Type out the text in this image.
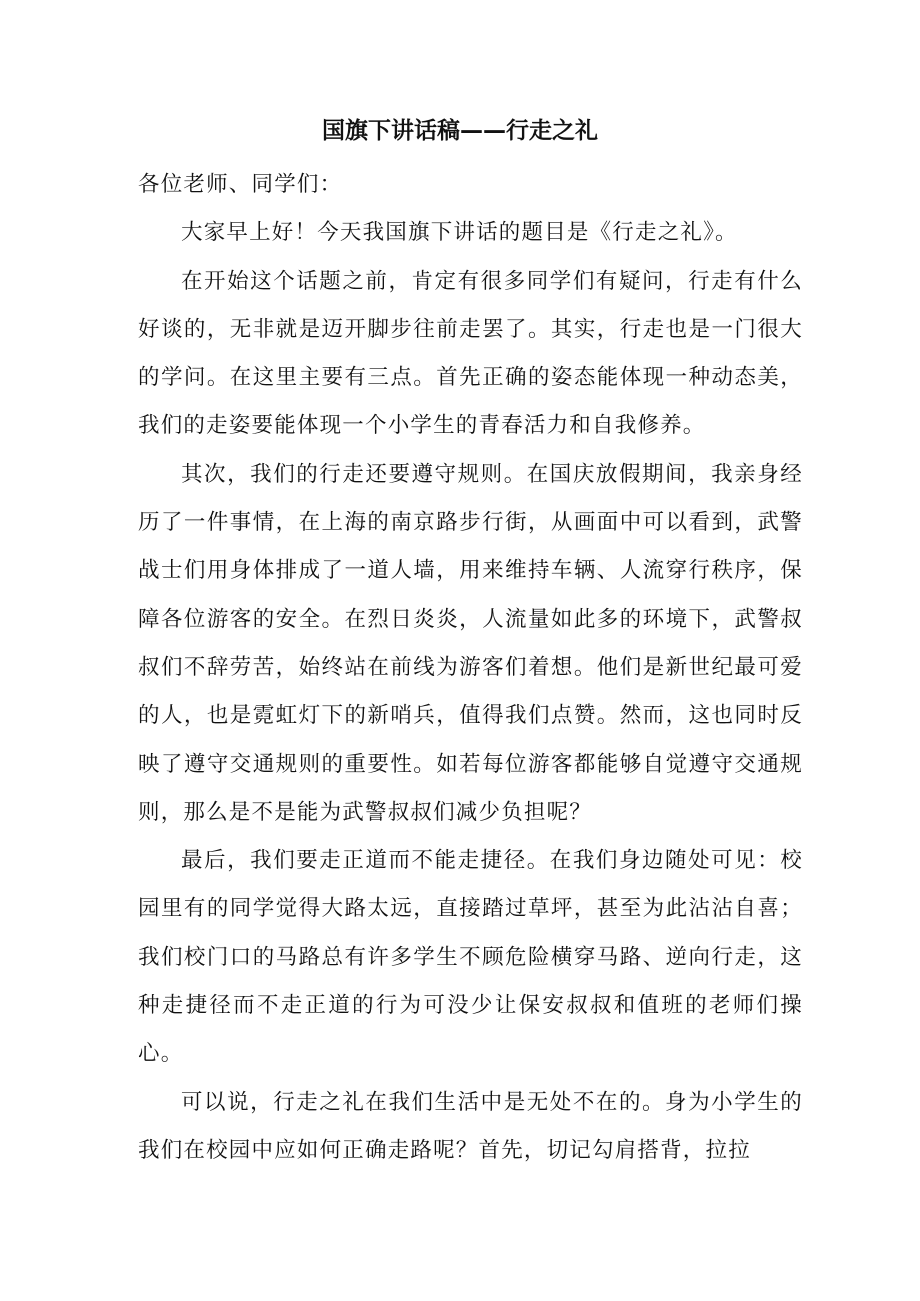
国旗下讲话稿——行走之礼

各位老师、同学们：

大家早上好！今天我国旗下讲话的题目是《行走之礼》。

在开始这个话题之前，肯定有很多同学们有疑问，行走有什么好谈的，无非就是迈开脚步往前走罢了。其实，行走也是一门很大的学问。在这里主要有三点。首先正确的姿态能体现一种动态美，我们的走姿要能体现一个小学生的青春活力和自我修养。

其次，我们的行走还要遵守规则。在国庆放假期间，我亲身经历了一件事情，在上海的南京路步行街，从画面中可以看到，武警战士们用身体排成了一道人墙，用来维持车辆、人流穿行秩序，保障各位游客的安全。在烈日炎炎，人流量如此多的环境下，武警叔叔们不辞劳苦，始终站在前线为游客们着想。他们是新世纪最可爱的人，也是霓虹灯下的新哨兵，值得我们点赞。然而，这也同时反映了遵守交通规则的重要性。如若每位游客都能够自觉遵守交通规则，那么是不是能为武警叔叔们减少负担呢？

最后，我们要走正道而不能走捷径。在我们身边随处可见：校园里有的同学觉得大路太远，直接踏过草坪，甚至为此沾沾自喜；我们校门口的马路总有许多学生不顾危险横穿马路、逆向行走，这种走捷径而不走正道的行为可没少让保安叔叔和值班的老师们操心。

可以说，行走之礼在我们生活中是无处不在的。身为小学生的我们在校园中应如何正确走路呢？首先，切记勾肩搭背，拉拉
